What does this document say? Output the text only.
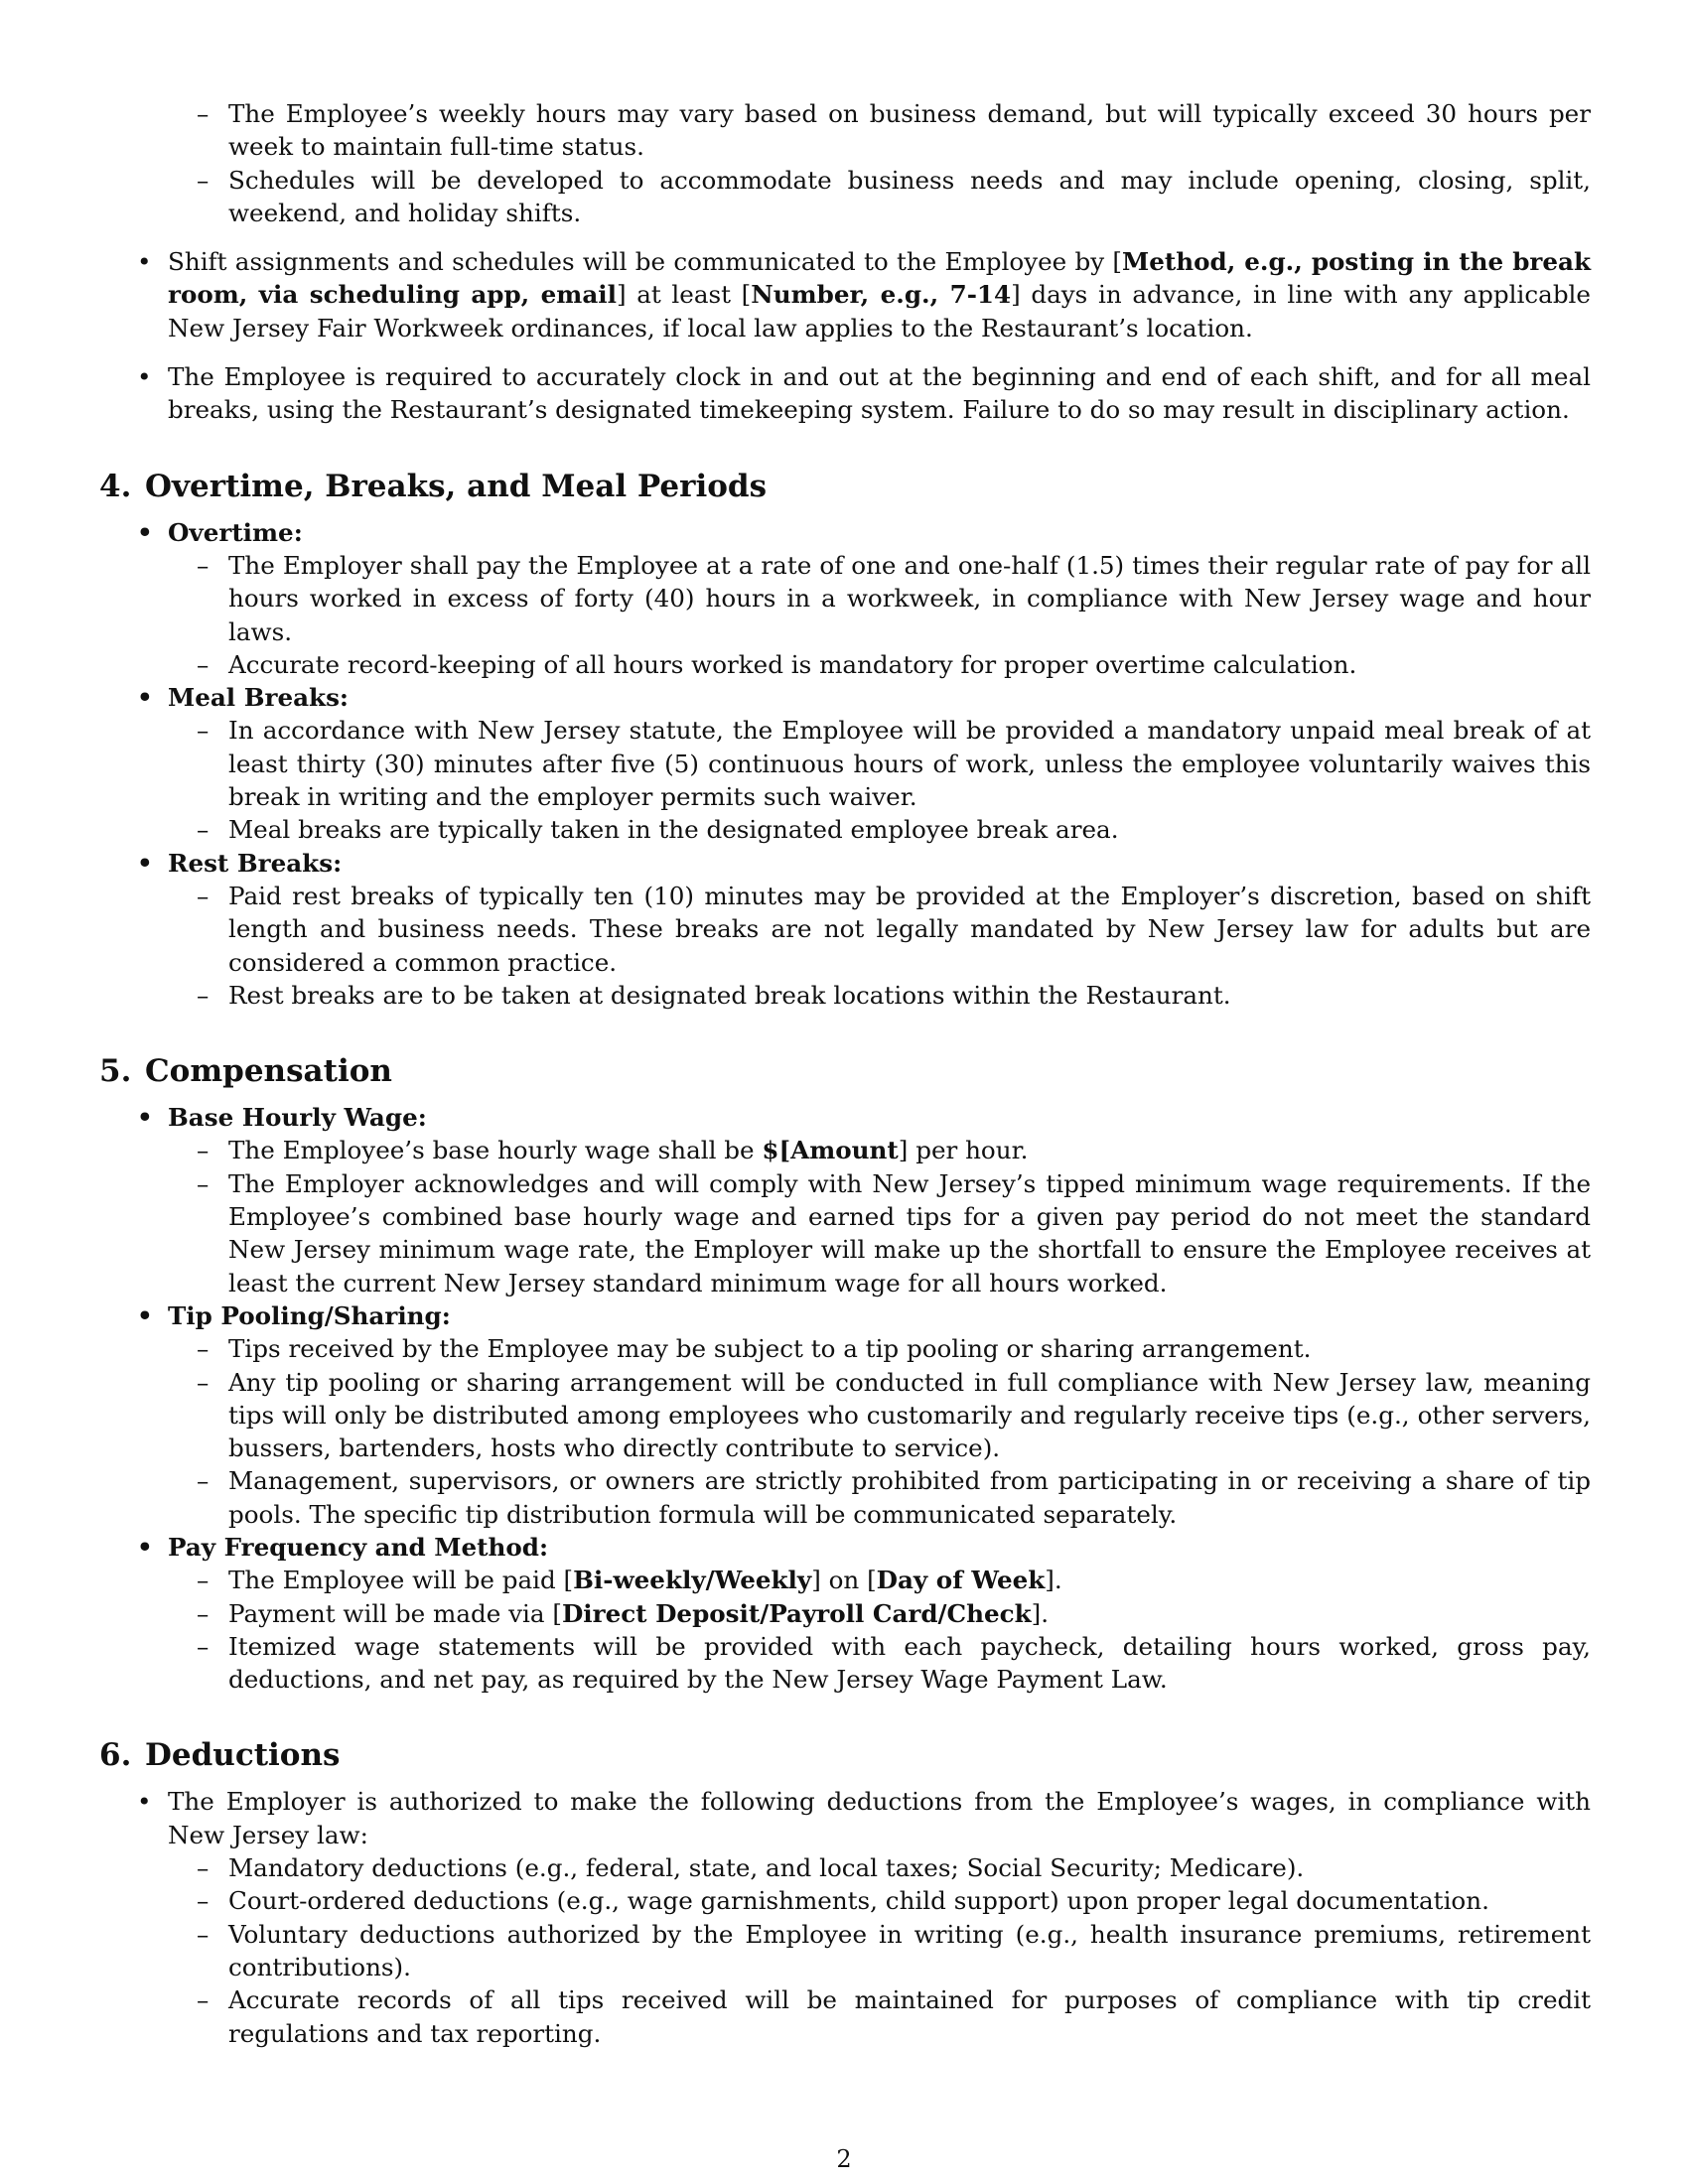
– The Employee’s weekly hours may vary based on business demand, but will typically exceed 30 hours per week to maintain full-time status.
– Schedules will be developed to accommodate business needs and may include opening, closing, split, weekend, and holiday shifts.
• Shift assignments and schedules will be communicated to the Employee by [Method, e.g., posting in the break room, via scheduling app, email] at least [Number, e.g., 7-14] days in advance, in line with any applicable New Jersey Fair Workweek ordinances, if local law applies to the Restaurant’s location.
• The Employee is required to accurately clock in and out at the beginning and end of each shift, and for all meal breaks, using the Restaurant’s designated timekeeping system. Failure to do so may result in disciplinary action.
4. Overtime, Breaks, and Meal Periods
• Overtime:
– The Employer shall pay the Employee at a rate of one and one-half (1.5) times their regular rate of pay for all hours worked in excess of forty (40) hours in a workweek, in compliance with New Jersey wage and hour laws.
– Accurate record-keeping of all hours worked is mandatory for proper overtime calculation.
• Meal Breaks:
– In accordance with New Jersey statute, the Employee will be provided a mandatory unpaid meal break of at least thirty (30) minutes after five (5) continuous hours of work, unless the employee voluntarily waives this break in writing and the employer permits such waiver.
– Meal breaks are typically taken in the designated employee break area.
• Rest Breaks:
– Paid rest breaks of typically ten (10) minutes may be provided at the Employer’s discretion, based on shift length and business needs. These breaks are not legally mandated by New Jersey law for adults but are considered a common practice.
– Rest breaks are to be taken at designated break locations within the Restaurant.
5. Compensation
• Base Hourly Wage:
– The Employee’s base hourly wage shall be $[Amount] per hour.
– The Employer acknowledges and will comply with New Jersey’s tipped minimum wage requirements. If the Employee’s combined base hourly wage and earned tips for a given pay period do not meet the standard New Jersey minimum wage rate, the Employer will make up the shortfall to ensure the Employee receives at least the current New Jersey standard minimum wage for all hours worked.
• Tip Pooling/Sharing:
– Tips received by the Employee may be subject to a tip pooling or sharing arrangement.
– Any tip pooling or sharing arrangement will be conducted in full compliance with New Jersey law, meaning tips will only be distributed among employees who customarily and regularly receive tips (e.g., other servers, bussers, bartenders, hosts who directly contribute to service).
– Management, supervisors, or owners are strictly prohibited from participating in or receiving a share of tip pools. The specific tip distribution formula will be communicated separately.
• Pay Frequency and Method:
– The Employee will be paid [Bi-weekly/Weekly] on [Day of Week].
– Payment will be made via [Direct Deposit/Payroll Card/Check].
– Itemized wage statements will be provided with each paycheck, detailing hours worked, gross pay, deductions, and net pay, as required by the New Jersey Wage Payment Law.
6. Deductions
• The Employer is authorized to make the following deductions from the Employee’s wages, in compliance with New Jersey law:
– Mandatory deductions (e.g., federal, state, and local taxes; Social Security; Medicare).
– Court-ordered deductions (e.g., wage garnishments, child support) upon proper legal documentation.
– Voluntary deductions authorized by the Employee in writing (e.g., health insurance premiums, retirement contributions).
– Accurate records of all tips received will be maintained for purposes of compliance with tip credit regulations and tax reporting.
2
